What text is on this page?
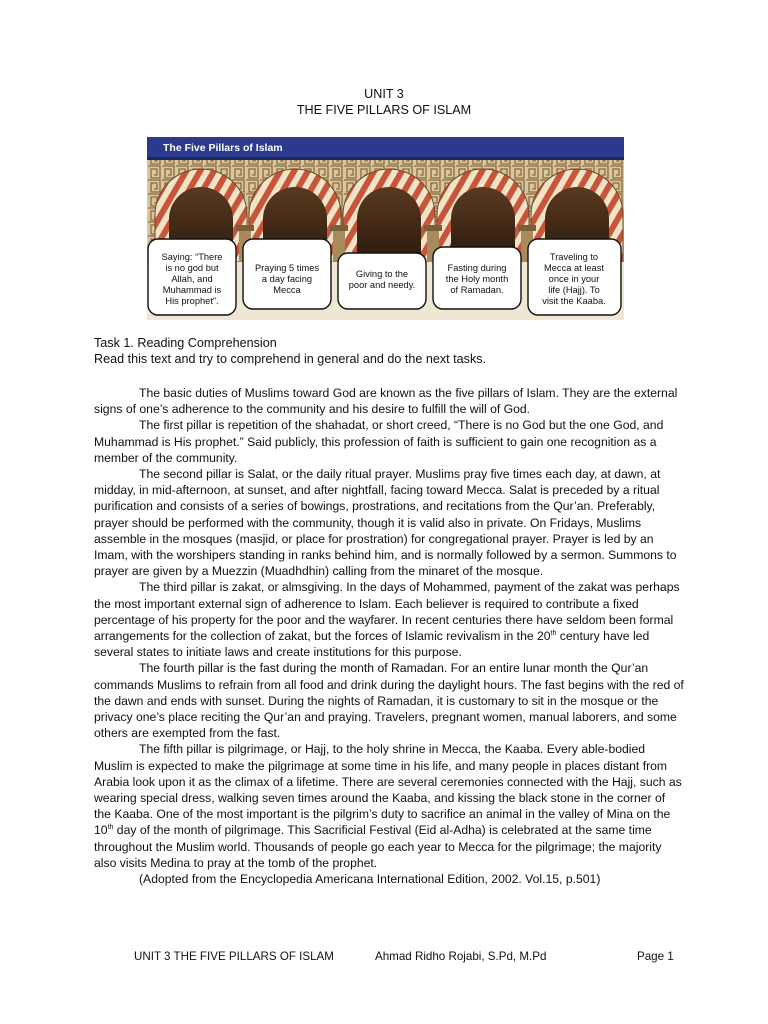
UNIT 3
THE FIVE PILLARS OF ISLAM
The Five Pillars of Islam
Saying: “There
is no god but
Allah, and
Muhammad is
His prophet”.
Praying 5 times
a day facing
Mecca
Giving to the
poor and needy.
Fasting during
the Holy month
of Ramadan.
Traveling to
Mecca at least
once in your
life (Hajj). To
visit the Kaaba.
Task 1. Reading Comprehension
Read this text and try to comprehend in general and do the next tasks.

The basic duties of Muslims toward God are known as the five pillars of Islam. They are the external signs of one’s adherence to the community and his desire to fulfill the will of God.

The first pillar is repetition of the shahadat, or short creed, “There is no God but the one God, and Muhammad is His prophet.” Said publicly, this profession of faith is sufficient to gain one recognition as a member of the community.

The second pillar is Salat, or the daily ritual prayer. Muslims pray five times each day, at dawn, at midday, in mid-afternoon, at sunset, and after nightfall, facing toward Mecca. Salat is preceded by a ritual purification and consists of a series of bowings, prostrations, and recitations from the Qur’an. Preferably, prayer should be performed with the community, though it is valid also in private. On Fridays, Muslims assemble in the mosques (masjid, or place for prostration) for congregational prayer. Prayer is led by an Imam, with the worshipers standing in ranks behind him, and is normally followed by a sermon. Summons to prayer are given by a Muezzin (Muadhdhin) calling from the minaret of the mosque.

The third pillar is zakat, or almsgiving. In the days of Mohammed, payment of the zakat was perhaps the most important external sign of adherence to Islam. Each believer is required to contribute a fixed percentage of his property for the poor and the wayfarer. In recent centuries there have seldom been formal arrangements for the collection of zakat, but the forces of Islamic revivalism in the 20th century have led several states to initiate laws and create institutions for this purpose.

The fourth pillar is the fast during the month of Ramadan. For an entire lunar month the Qur’an commands Muslims to refrain from all food and drink during the daylight hours. The fast begins with the red of the dawn and ends with sunset. During the nights of Ramadan, it is customary to sit in the mosque or the privacy one’s place reciting the Qur’an and praying. Travelers, pregnant women, manual laborers, and some others are exempted from the fast.

The fifth pillar is pilgrimage, or Hajj, to the holy shrine in Mecca, the Kaaba. Every able-bodied Muslim is expected to make the pilgrimage at some time in his life, and many people in places distant from Arabia look upon it as the climax of a lifetime. There are several ceremonies connected with the Hajj, such as wearing special dress, walking seven times around the Kaaba, and kissing the black stone in the corner of the Kaaba. One of the most important is the pilgrim’s duty to sacrifice an animal in the valley of Mina on the 10th day of the month of pilgrimage. This Sacrificial Festival (Eid al-Adha) is celebrated at the same time throughout the Muslim world. Thousands of people go each year to Mecca for the pilgrimage; the majority also visits Medina to pray at the tomb of the prophet.

(Adopted from the Encyclopedia Americana International Edition, 2002. Vol.15, p.501)

UNIT 3 THE FIVE PILLARS OF ISLAM	Ahmad Ridho Rojabi, S.Pd, M.Pd	Page 1
